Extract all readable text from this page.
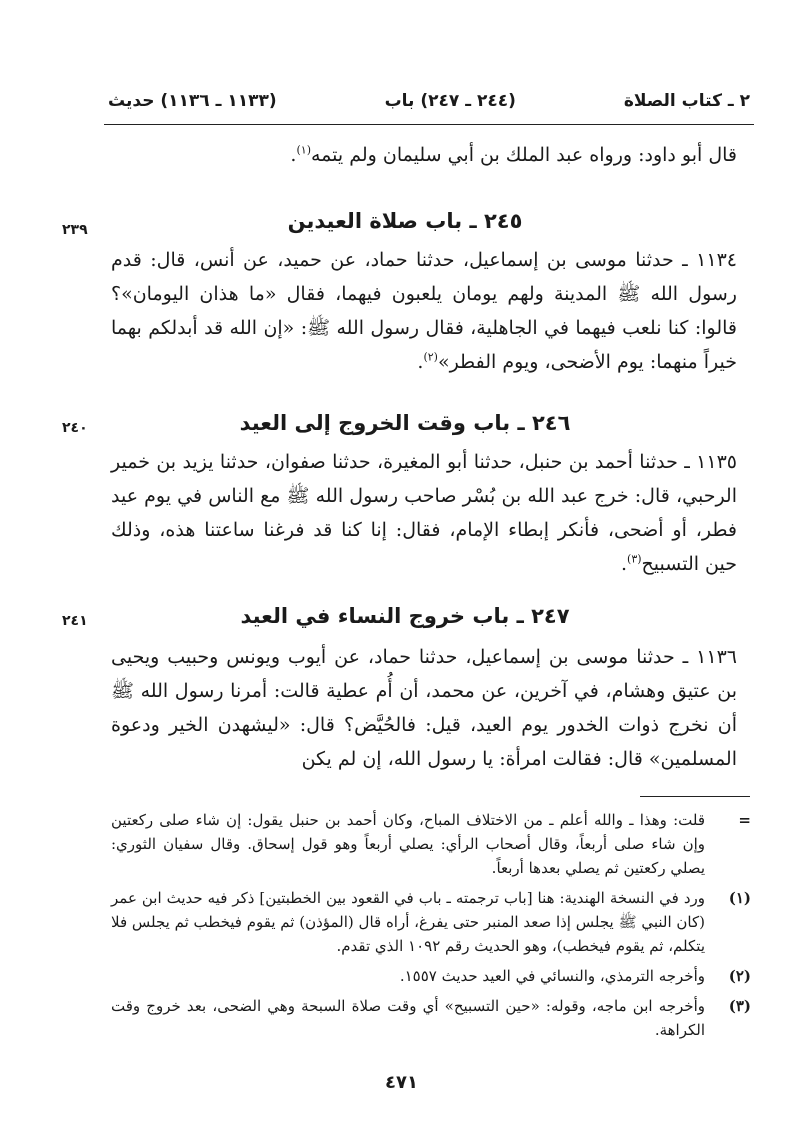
٢ ـ كتاب الصلاة
(٢٤٤ ـ ٢٤٧) باب
(١١٣٣ ـ ١١٣٦) حديث
قال أبو داود: ورواه عبد الملك بن أبي سليمان ولم يتمه$^{(١)}$.
٢٤٥ ـ باب صلاة العيدين
٢٣٩
١١٣٤ ـ حدثنا موسى بن إسماعيل، حدثنا حماد، عن حميد، عن أنس، قال: قدم رسول الله ﷺ المدينة ولهم يومان يلعبون فيهما، فقال «ما هذان اليومان»؟ قالوا: كنا نلعب فيهما في الجاهلية، فقال رسول الله ﷺ: «إن الله قد أبدلكم بهما خيراً منهما: يوم الأضحى، ويوم الفطر»$^{(٢)}$.
٢٤٦ ـ باب وقت الخروج إلى العيد
٢٤٠
١١٣٥ ـ حدثنا أحمد بن حنبل، حدثنا أبو المغيرة، حدثنا صفوان، حدثنا يزيد بن خمير الرحبي، قال: خرج عبد الله بن بُسْر صاحب رسول الله ﷺ مع الناس في يوم عيد فطر، أو أضحى، فأنكر إبطاء الإمام، فقال: إنا كنا قد فرغنا ساعتنا هذه، وذلك حين التسبيح$^{(٣)}$.
٢٤٧ ـ باب خروج النساء في العيد
٢٤١
١١٣٦ ـ حدثنا موسى بن إسماعيل، حدثنا حماد، عن أيوب ويونس وحبيب ويحيى بن عتيق وهشام، في آخرين، عن محمد، أن أُم عطية قالت: أمرنا رسول الله ﷺ أن نخرج ذوات الخدور يوم العيد، قيل: فالحُيَّض؟ قال: «ليشهدن الخير ودعوة المسلمين» قال: فقالت امرأة: يا رسول الله، إن لم يكن
=
قلت: وهذا ـ والله أعلم ـ من الاختلاف المباح، وكان أحمد بن حنبل يقول: إن شاء صلى ركعتين وإن شاء صلى أربعاً، وقال أصحاب الرأي: يصلي أربعاً وهو قول إسحاق. وقال سفيان الثوري: يصلي ركعتين ثم يصلي بعدها أربعاً.
(١)
ورد في النسخة الهندية: هنا [باب ترجمته ـ باب في القعود بين الخطبتين] ذكر فيه حديث ابن عمر (كان النبي ﷺ يجلس إذا صعد المنبر حتى يفرغ، أراه قال (المؤذن) ثم يقوم فيخطب ثم يجلس فلا يتكلم، ثم يقوم فيخطب)، وهو الحديث رقم ١٠٩٢ الذي تقدم.
(٢)
وأخرجه الترمذي، والنسائي في العيد حديث ١٥٥٧.
(٣)
وأخرجه ابن ماجه، وقوله: «حين التسبيح» أي وقت صلاة السبحة وهي الضحى، بعد خروج وقت الكراهة.
٤٧١
